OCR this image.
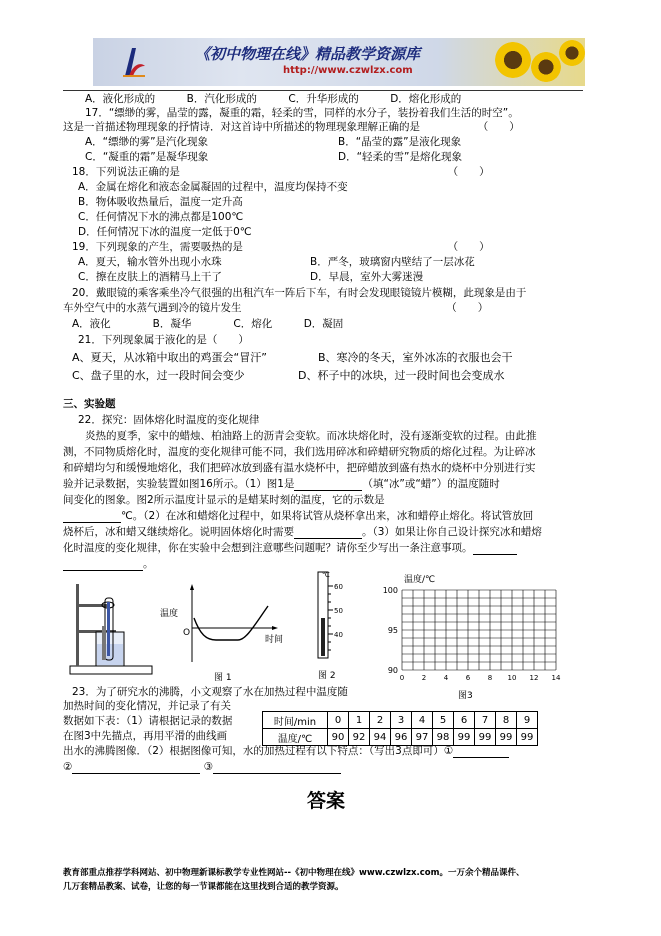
《初中物理在线》精品教学资源库
http://www.czwlzx.com
A．液化形成的　　　B．汽化形成的　　　C．升华形成的　　　D．熔化形成的
17．“缥缈的雾，晶莹的露，凝重的霜，轻柔的雪，同样的水分子，装扮着我们生活的时空”。
这是一首描述物理现象的抒情诗．对这首诗中所描述的物理现象理解正确的是　　　　　　（　　）
A．“缥缈的雾”是汽化现象	B．“晶莹的露”是液化现象
C．“凝重的霜”是凝华现象	D．“轻柔的雪”是熔化现象
18．下列说法正确的是　　　　　　　　　　　　　　　　　　　　　　　　　　（　　）
A．金属在熔化和液态金属凝固的过程中，温度均保持不变
B．物体吸收热量后，温度一定升高
C．任何情况下水的沸点都是100℃
D．任何情况下冰的温度一定低于0℃
19．下列现象的产生，需要吸热的是　　　　　　　　　　　　　　　　　　　　（　　）
A．夏天，输水管外出现小水珠	B．严冬，玻璃窗内壁结了一层冰花
C．擦在皮肤上的酒精马上干了	D．早晨，室外大雾迷漫
20．戴眼镜的乘客乘坐冷气很强的出租汽车一阵后下车，有时会发现眼镜镜片模糊，此现象是由于
车外空气中的水蒸气遇到冷的镜片发生　　　　　　　　　　　　　　　　　　　　（　　）
A．液化　　　　B．凝华　　　　C．熔化　　　D．凝固
21．下列现象属于液化的是（　　）
A、夏天，从冰箱中取出的鸡蛋会“冒汗”	B、寒冷的冬天，室外冰冻的衣服也会干
C、盘子里的水，过一段时间会变少	D、杯子中的冰块，过一段时间也会变成水
三、实验题
22．探究：固体熔化时温度的变化规律
炎热的夏季，家中的蜡烛、柏油路上的沥青会变软。而冰块熔化时，没有逐渐变软的过程。由此推
测，不同物质熔化时，温度的变化规律可能不同，我们选用碎冰和碎蜡研究物质的熔化过程。为让碎冰
和碎蜡均匀和缓慢地熔化，我们把碎冰放到盛有温水烧杯中，把碎蜡放到盛有热水的烧杯中分别进行实
验并记录数据，实验装置如图16所示。（1）图1是	（填“冰”或“蜡”）的温度随时
间变化的图象。图2所示温度计显示的是蜡某时刻的温度，它的示数是
℃。（2）在冰和蜡熔化过程中，如果将试管从烧杯拿出来，冰和蜡停止熔化。将试管放回
烧杯后，冰和蜡又继续熔化。说明固体熔化时需要	。（3）如果让你自己设计探究冰和蜡熔
化时温度的变化规律，你在实验中会想到注意哪些问题呢？请你至少写出一条注意事项。
。
温度
O
时间
图 1
℃
60
50
40
图 2
温度/℃
100
95
90
0	2	4	6	8 10 12 14
图3
23．为了研究水的沸腾，小文观察了水在加热过程中温度随
加热时间的变化情况，并记录了有关
数据如下表：（1）请根据记录的数据
在图3中先描点，再用平滑的曲线画
出水的沸腾图像．（2）根据图像可知，水的加热过程有以下特点：（写出3点即可）①
②	③
时间/min	0	1	2	3	4	5	6	7	8	9
温度/℃	90	92	94	96	97	98	99	99	99	99
答案
教育部重点推荐学科网站、初中物理新课标教学专业性网站--《初中物理在线》www.czwlzx.com。一万余个精品课件、
几万套精品教案、试卷，让您的每一节课都能在这里找到合适的教学资源。
